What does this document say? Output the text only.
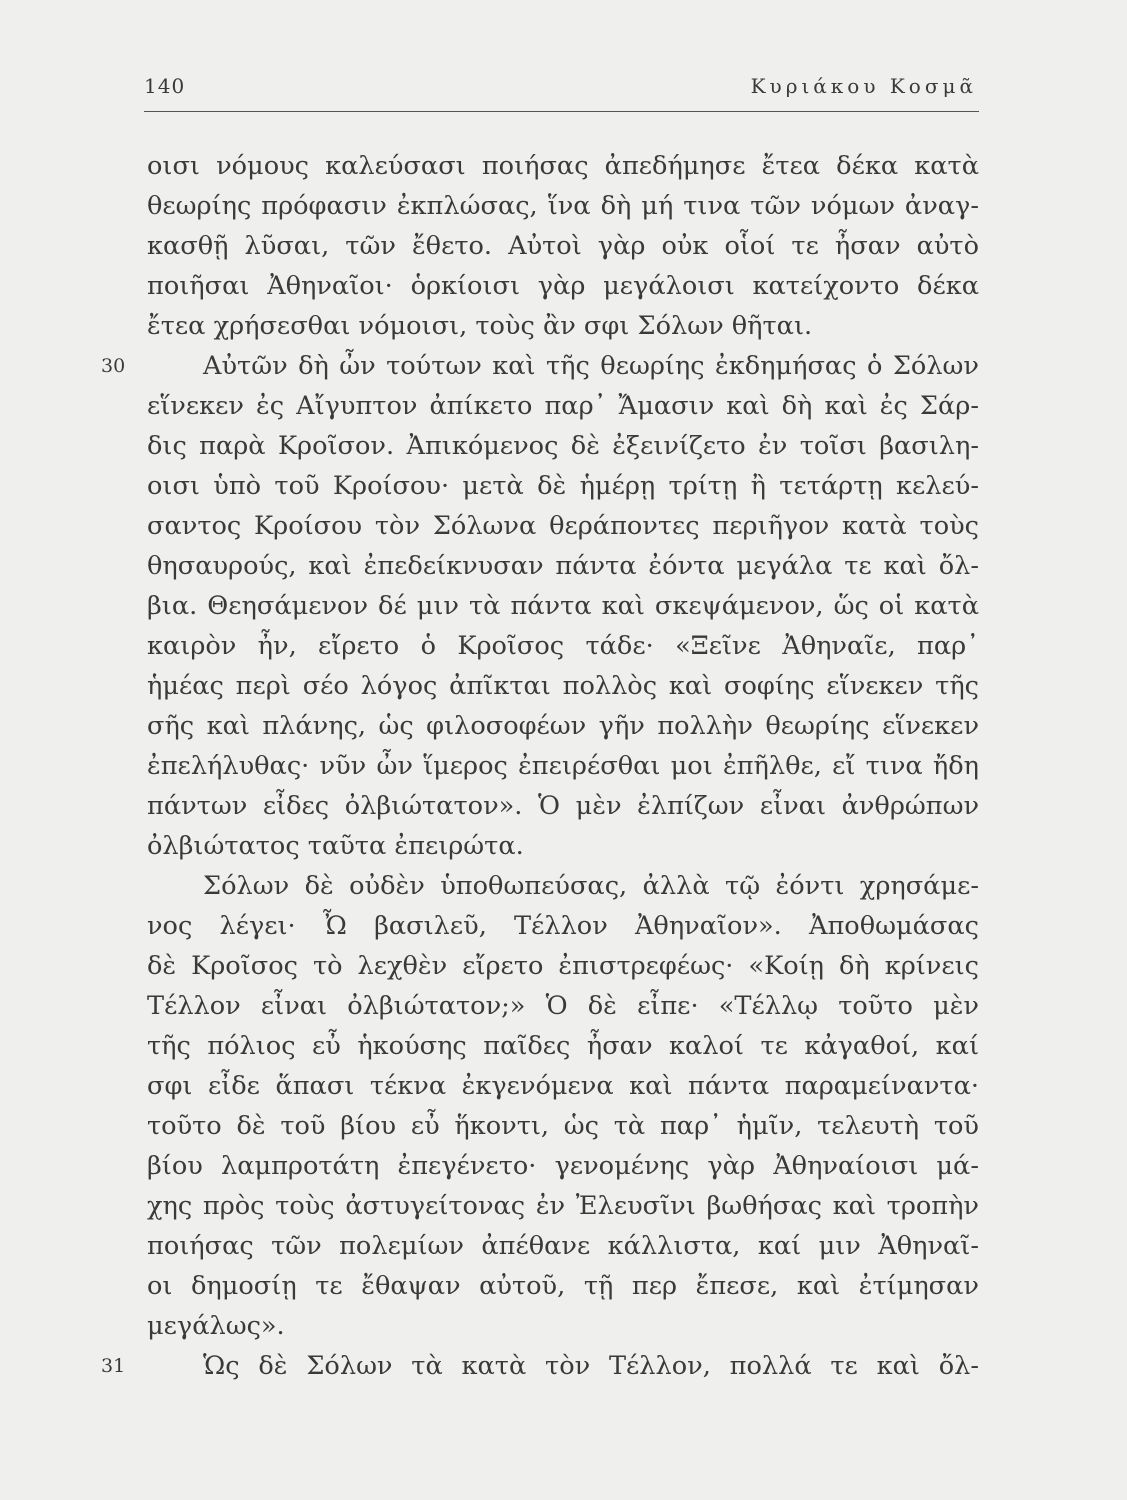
140	Κυριάκου Κοσμᾶ
30
31
οισι νόμους καλεύσασι ποιήσας ἀπεδήμησε ἔτεα δέκα κατὰ
θεωρίης πρόφασιν ἐκπλώσας, ἵνα δὴ μή τινα τῶν νόμων ἀναγ-
κασθῇ λῦσαι, τῶν ἔθετο. Αὐτοὶ γὰρ οὐκ οἷοί τε ἦσαν αὐτὸ
ποιῆσαι Ἀθηναῖοι· ὁρκίοισι γὰρ μεγάλοισι κατείχοντο δέκα
ἔτεα χρήσεσθαι νόμοισι, τοὺς ἂν σφι Σόλων θῆται.
Αὐτῶν δὴ ὦν τούτων καὶ τῆς θεωρίης ἐκδημήσας ὁ Σόλων
εἵνεκεν ἐς Αἴγυπτον ἀπίκετο παρ᾽ Ἄμασιν καὶ δὴ καὶ ἐς Σάρ-
δις παρὰ Κροῖσον. Ἀπικόμενος δὲ ἐξεινίζετο ἐν τοῖσι βασιλη-
οισι ὑπὸ τοῦ Κροίσου· μετὰ δὲ ἡμέρῃ τρίτῃ ἢ τετάρτῃ κελεύ-
σαντος Κροίσου τὸν Σόλωνα θεράποντες περιῆγον κατὰ τοὺς
θησαυρούς, καὶ ἐπεδείκνυσαν πάντα ἐόντα μεγάλα τε καὶ ὄλ-
βια. Θεησάμενον δέ μιν τὰ πάντα καὶ σκεψάμενον, ὥς οἱ κατὰ
καιρὸν ἦν, εἴρετο ὁ Κροῖσος τάδε· «Ξεῖνε Ἀθηναῖε, παρ᾽
ἡμέας περὶ σέο λόγος ἀπῖκται πολλὸς καὶ σοφίης εἵνεκεν τῆς
σῆς καὶ πλάνης, ὡς φιλοσοφέων γῆν πολλὴν θεωρίης εἵνεκεν
ἐπελήλυθας· νῦν ὦν ἵμερος ἐπειρέσθαι μοι ἐπῆλθε, εἴ τινα ἤδη
πάντων εἶδες ὀλβιώτατον». Ὁ μὲν ἐλπίζων εἶναι ἀνθρώπων
ὀλβιώτατος ταῦτα ἐπειρώτα.
Σόλων δὲ οὐδὲν ὑποθωπεύσας, ἀλλὰ τῷ ἐόντι χρησάμε-
νος λέγει· Ὦ βασιλεῦ, Τέλλον Ἀθηναῖον». Ἀποθωμάσας
δὲ Κροῖσος τὸ λεχθὲν εἴρετο ἐπιστρεφέως· «Κοίῃ δὴ κρίνεις
Τέλλον εἶναι ὀλβιώτατον;» Ὁ δὲ εἶπε· «Τέλλῳ τοῦτο μὲν
τῆς πόλιος εὖ ἡκούσης παῖδες ἦσαν καλοί τε κἀγαθοί, καί
σφι εἶδε ἅπασι τέκνα ἐκγενόμενα καὶ πάντα παραμείναντα·
τοῦτο δὲ τοῦ βίου εὖ ἥκοντι, ὡς τὰ παρ᾽ ἡμῖν, τελευτὴ τοῦ
βίου λαμπροτάτη ἐπεγένετο· γενομένης γὰρ Ἀθηναίοισι μά-
χης πρὸς τοὺς ἀστυγείτονας ἐν Ἐλευσῖνι βωθήσας καὶ τροπὴν
ποιήσας τῶν πολεμίων ἀπέθανε κάλλιστα, καί μιν Ἀθηναῖ-
οι δημοσίῃ τε ἔθαψαν αὐτοῦ, τῇ περ ἔπεσε, καὶ ἐτίμησαν
μεγάλως».
Ὡς δὲ Σόλων τὰ κατὰ τὸν Τέλλον, πολλά τε καὶ ὄλ-
